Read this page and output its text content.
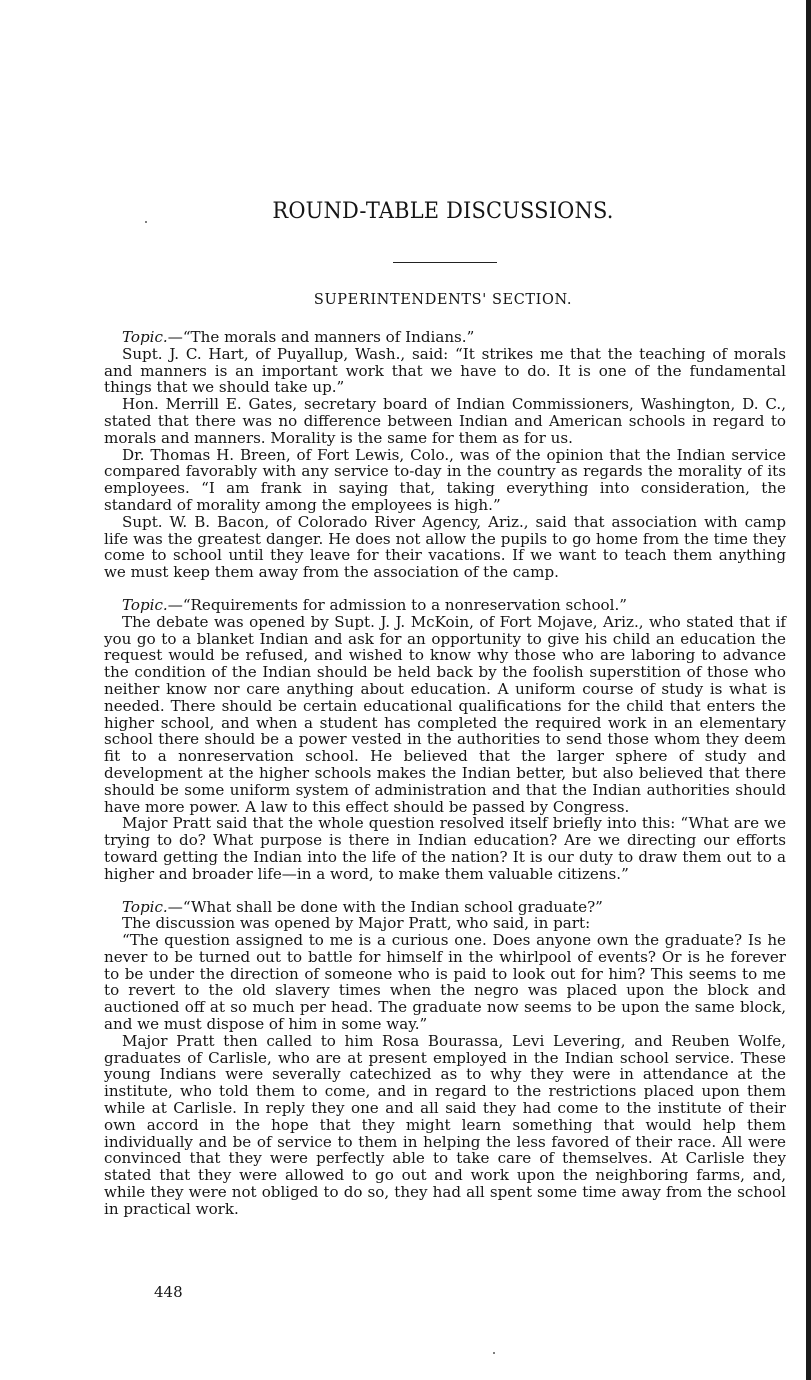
ROUND-TABLE DISCUSSIONS.
SUPERINTENDENTS' SECTION.

Topic.—“The morals and manners of Indians.”

Supt. J. C. Hart, of Puyallup, Wash., said: “It strikes me that the teaching of morals and manners is an important work that we have to do. It is one of the fundamental things that we should take up.”

Hon. Merrill E. Gates, secretary board of Indian Commissioners, Washington, D. C., stated that there was no difference between Indian and American schools in regard to morals and manners. Morality is the same for them as for us.

Dr. Thomas H. Breen, of Fort Lewis, Colo., was of the opinion that the Indian service compared favorably with any service to-day in the country as regards the morality of its employees. “I am frank in saying that, taking everything into consideration, the standard of morality among the employees is high.”

Supt. W. B. Bacon, of Colorado River Agency, Ariz., said that association with camp life was the greatest danger. He does not allow the pupils to go home from the time they come to school until they leave for their vacations. If we want to teach them anything we must keep them away from the association of the camp.

Topic.—“Requirements for admission to a nonreservation school.”

The debate was opened by Supt. J. J. McKoin, of Fort Mojave, Ariz., who stated that if you go to a blanket Indian and ask for an opportunity to give his child an education the request would be refused, and wished to know why those who are laboring to advance the condition of the Indian should be held back by the foolish superstition of those who neither know nor care anything about education. A uniform course of study is what is needed. There should be certain educational qualifications for the child that enters the higher school, and when a student has completed the required work in an elementary school there should be a power vested in the authorities to send those whom they deem fit to a nonreservation school. He believed that the larger sphere of study and development at the higher schools makes the Indian better, but also believed that there should be some uniform system of administration and that the Indian authorities should have more power. A law to this effect should be passed by Congress.

Major Pratt said that the whole question resolved itself briefly into this: “What are we trying to do? What purpose is there in Indian education? Are we directing our efforts toward getting the Indian into the life of the nation? It is our duty to draw them out to a higher and broader life—in a word, to make them valuable citizens.”

Topic.—“What shall be done with the Indian school graduate?”

The discussion was opened by Major Pratt, who said, in part:

“The question assigned to me is a curious one. Does anyone own the graduate? Is he never to be turned out to battle for himself in the whirlpool of events? Or is he forever to be under the direction of someone who is paid to look out for him? This seems to me to revert to the old slavery times when the negro was placed upon the block and auctioned off at so much per head. The graduate now seems to be upon the same block, and we must dispose of him in some way.”

Major Pratt then called to him Rosa Bourassa, Levi Levering, and Reuben Wolfe, graduates of Carlisle, who are at present employed in the Indian school service. These young Indians were severally catechized as to why they were in attendance at the institute, who told them to come, and in regard to the restrictions placed upon them while at Carlisle. In reply they one and all said they had come to the institute of their own accord in the hope that they might learn something that would help them individually and be of service to them in helping the less favored of their race. All were convinced that they were perfectly able to take care of themselves. At Carlisle they stated that they were allowed to go out and work upon the neighboring farms, and, while they were not obliged to do so, they had all spent some time away from the school in practical work.

448
